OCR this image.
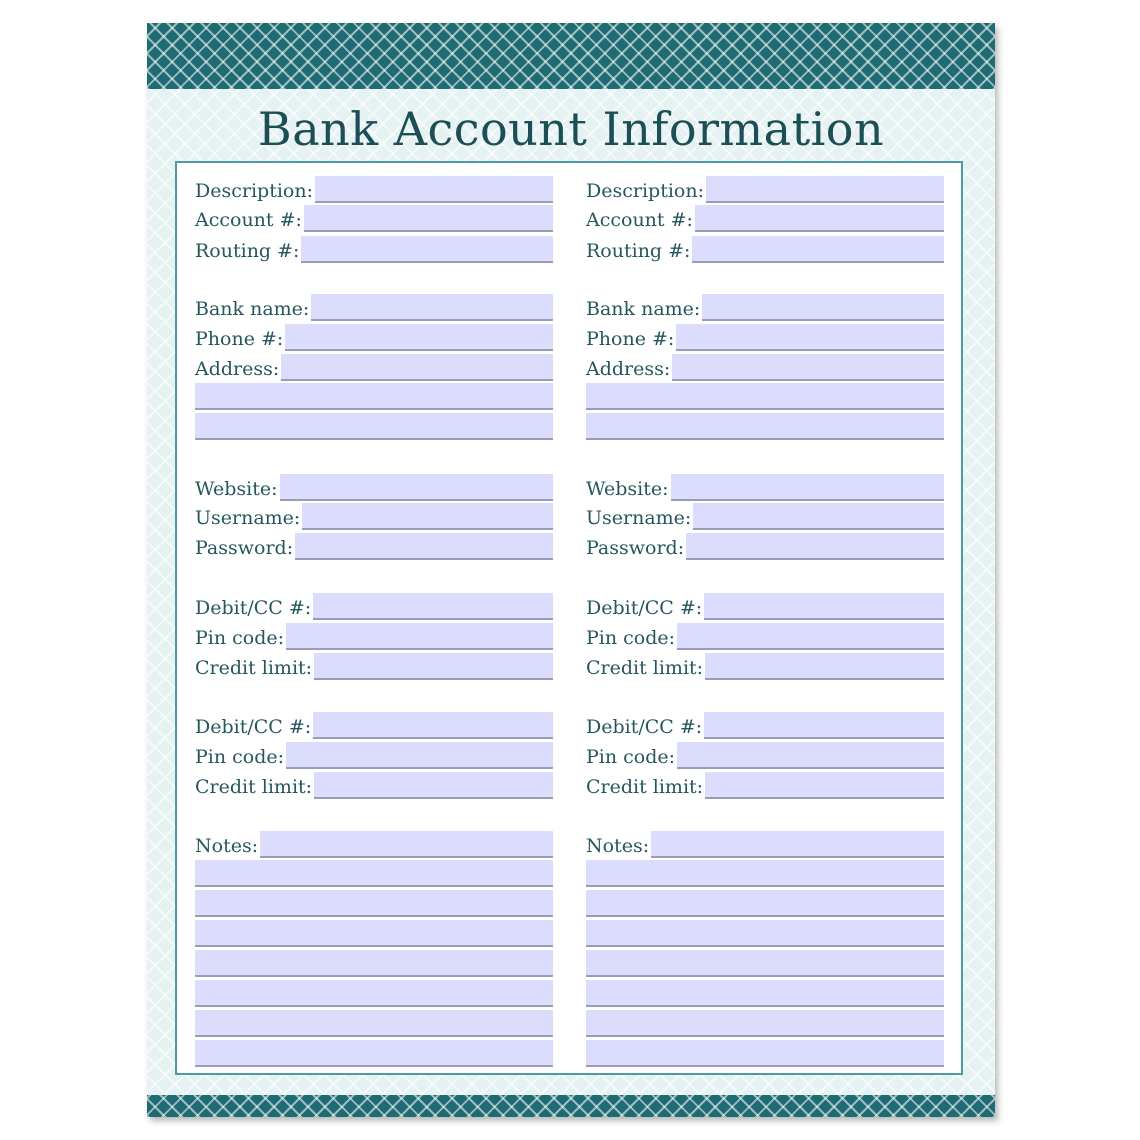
Bank Account Information
Description:
Account #:
Routing #:
Bank name:
Phone #:
Address:
Website:
Username:
Password:
Debit/CC #:
Pin code:
Credit limit:
Debit/CC #:
Pin code:
Credit limit:
Notes:
Description:
Account #:
Routing #:
Bank name:
Phone #:
Address:
Website:
Username:
Password:
Debit/CC #:
Pin code:
Credit limit:
Debit/CC #:
Pin code:
Credit limit:
Notes:
